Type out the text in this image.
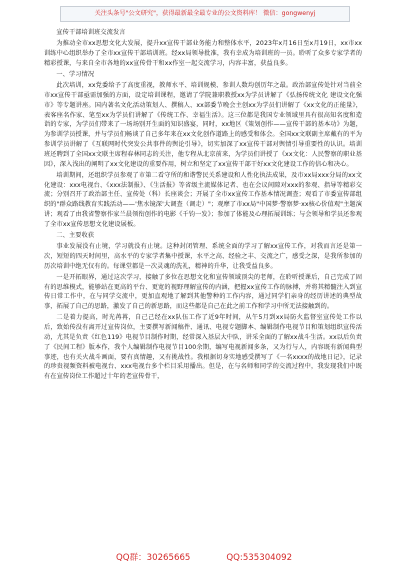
关注头条号"公文研究"，获得最新最全最专业的公文资料库！ 微信：gongwenyj

宣传干部培训班交流发言

为推动全市xx思想文化大发展，提升xx宣传干部业务能力和整体水平，2023年x月16日至x月19日，xx市xx训练中心组织举办了全市xx宣传干部培训班。经xx局领导批准，我有幸成为培训班的一员。聆听了众多专家学者的精彩授课，与来自全市各地的xx宣传骨干和xx作室一起交流学习，内容丰富，获益良多。

一、学习情况

此次培训，xx党委给予了高度重视，教师水平、培训规模、参训人数均创历年之最。政治部宣传处针对当前全市xx宣传干部亟需加强的方面，设定培训课程，邀请了学院兼职教授xx为学员讲解了《弘扬传统文化 建设文化强市》等专题讲座。国内著名文化活动策划人、撰稿人、xx部委节晚会主创xx为学员们讲解了《xx文化的正能量》，表客座名作家、笔至xx为学员们讲解了《传统工作、幸福生活》。这三位都是我国专业领域里具有很高知名度和造诣的专家，为学员们带来了一场场别开生面的知识盛宴，同时，xx地区《策划创作——宣传干部的基本功》为题，为参训学员授课，并与学员们畅谈了自己多年来在xx文化创作道路上的感受和体会。全国xx文联副主席戴有的平为参训学员讲解了《互联网时代突发公共事件的舆论引导》，切实加深了xx宣传干部对舆情引导重要性的认识。培训班还聘到了全国xx文联主席程春林同志的关注，他专程从北京前来，为学员们讲授了《xx文化：人民警察的职业基因》，深入浅出的阐明了xx文化建设的重要作用，树立和坚定了xx宣传干部干好xx文化建设工作的信心和决心。

培训期间，还组织学员参观了市第二看守所的和谐警民关系建设和人性化执法成果，及市xx局xxx分局的xx文化建设：xxx电视台、《xxx法制报》、《生活报》等省级主流媒体记者、也在会议间隙对xxx的参观、指导等精彩交流；分别召开了政治部主任、宣传处（科）长座谈会；开展了全市xx宣传工作基本情况调查；观看了市委宣传部组织的"群众路线教育实践活动——'焦水镜深'大调查（调走）"；观摩了市xx局"中国梦·警察梦·xx核心价值观"主题演讲；观看了由我省警察作家兰晨领衔创作的电影《千钧一发》；参加了体能及心理拓展训练；与会领导和学员还参观了全市xx宣传思想文化建设展板。

二、主要收获

事业发展没有止境，学习就没有止境。这种封闭管理、系统全面的学习了解xx宣传工作，对我而言还是第一次，短短的四天时间里，高水平的专家学者集中授课，水平之高、经验之丰、交流之广，感受之深，是我所参加的历次培训中绝无仅有的。每课堂都是一次灵魂的洗礼，精神的升华，让我受益良多。

一是开拓眼界，通过这次学习，接触了多位在思想文化和宣传领域顶尖的老师，在聆听授课后，自己完成了固有的思维模式，能够站在更高的平台、更宽的视野理解宣传的内涵，把握xx宣传工作的脉搏，并将其精髓注入到宣传日常工作中，在与同学交流中，更加直观地了解到其他警种的工作内容，通过同学们亲身的经历讲述的典型故事，拓展了自己的思路，激发了自己的新思路，而这些都是自己在此之前工作和学习中所无法接触到的。

二是着力提高，时光苒苒，自己己经在xx队伍工作了近9年时间，从午5月到xx局防火监督室宣传处工作以后，致始传没有离开过宣传岗位，主要撰写新闻稿件、通讯、电视专题脚本、编辑制作电视节目和策划组织宣传活动，尤其是负责《红色119》电视节目制作时期，经常深入基层大中队，讲采全面的了解xx战斗生活。xx以后负责了《民间工程》版本作，我个人编辑制作电视节目100余期，编写电视新闻多条，又为行与人，内容既有新闻典型事迹，也有关火战斗画面，要有真情趣，又有挑战性。我根据切身实地感受撰写了《一名xxxx的战地日记》，记录的珍贵视频资料被电视台、xxx电视台多个栏目采用播出。但是，在与名师和同学的交流过程中，我发现我们中既有在宣传岗位工作超过十年的老宣传骨干，

QQ群：30265665	QQ:535304092
